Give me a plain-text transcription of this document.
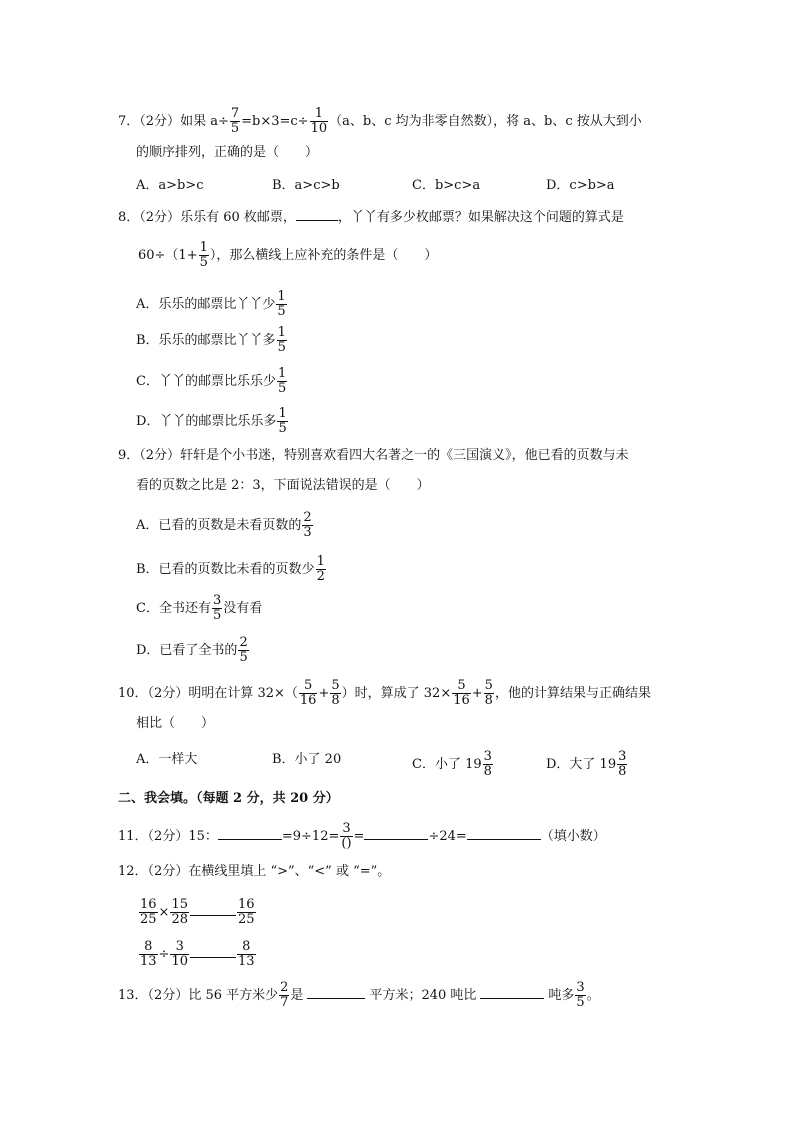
7．（2分）如果 $a\div \frac{7}{5} =b\times 3=c\div \frac{1}{10} (a$、b、c 均为非零自然数），将 a、b、c 按从大到小
的顺序排列，正确的是（　　）
A．a>b>c	B．a>c>b	C．b>c>a	D．c>b>a
8．（2分）乐乐有 60 枚邮票，	，丫丫有多少枚邮票？如果解决这个问题的算式是
$60\div(1+ \frac{1}{5}$ ），那么横线上应补充的条件是（　　）
A．乐乐的邮票比丫丫少 $\frac{1}{5}$
B．乐乐的邮票比丫丫多 $\frac{1}{5}$
C．丫丫的邮票比乐乐少 $\frac{1}{5}$
D．丫丫的邮票比乐乐多 $\frac{1}{5}$
9．（2分）轩轩是个小书迷，特别喜欢看四大名著之一的《三国演义》，他已看的页数与未
看的页数之比是 2：3，下面说法错误的是（　　）
A．已看的页数是未看页数的 $\frac{2}{3}$
B．已看的页数比未看的页数少 $\frac{1}{2}$
C．全书还有 $\frac{3}{5}$ 没有看
D．已看了全书的 $\frac{2}{5}$
10．（2分）明明在计算 $32\times( \frac{5}{16} + \frac{5}{8}$ ）时，算成了 $32\times \frac{5}{16} + \frac{5}{8}$ ，他的计算结果与正确结果
相比（　　）
A．一样大	B．小了 20	C．小了 $19 \frac{3}{8}$	D．大了 $19 \frac{3}{8}$
二、我会填。（每题 2 分，共 20 分）
11．（2分）15：	=9÷12=
3
() =	÷24=	（填小数）
12．（2分）在横线里填上 “>”、“<” 或 “=”。
$\frac{16}{25} \times \frac{15}{28}$	$\frac{16}{25}$
$\frac{8}{13} \div \frac{3}{10}$	$\frac{8}{13}$
13．（2分）比 56 平方米少 $\frac{2}{7}$ 是	平方米；240 吨比	吨多 $\frac{3}{5}$ 。
